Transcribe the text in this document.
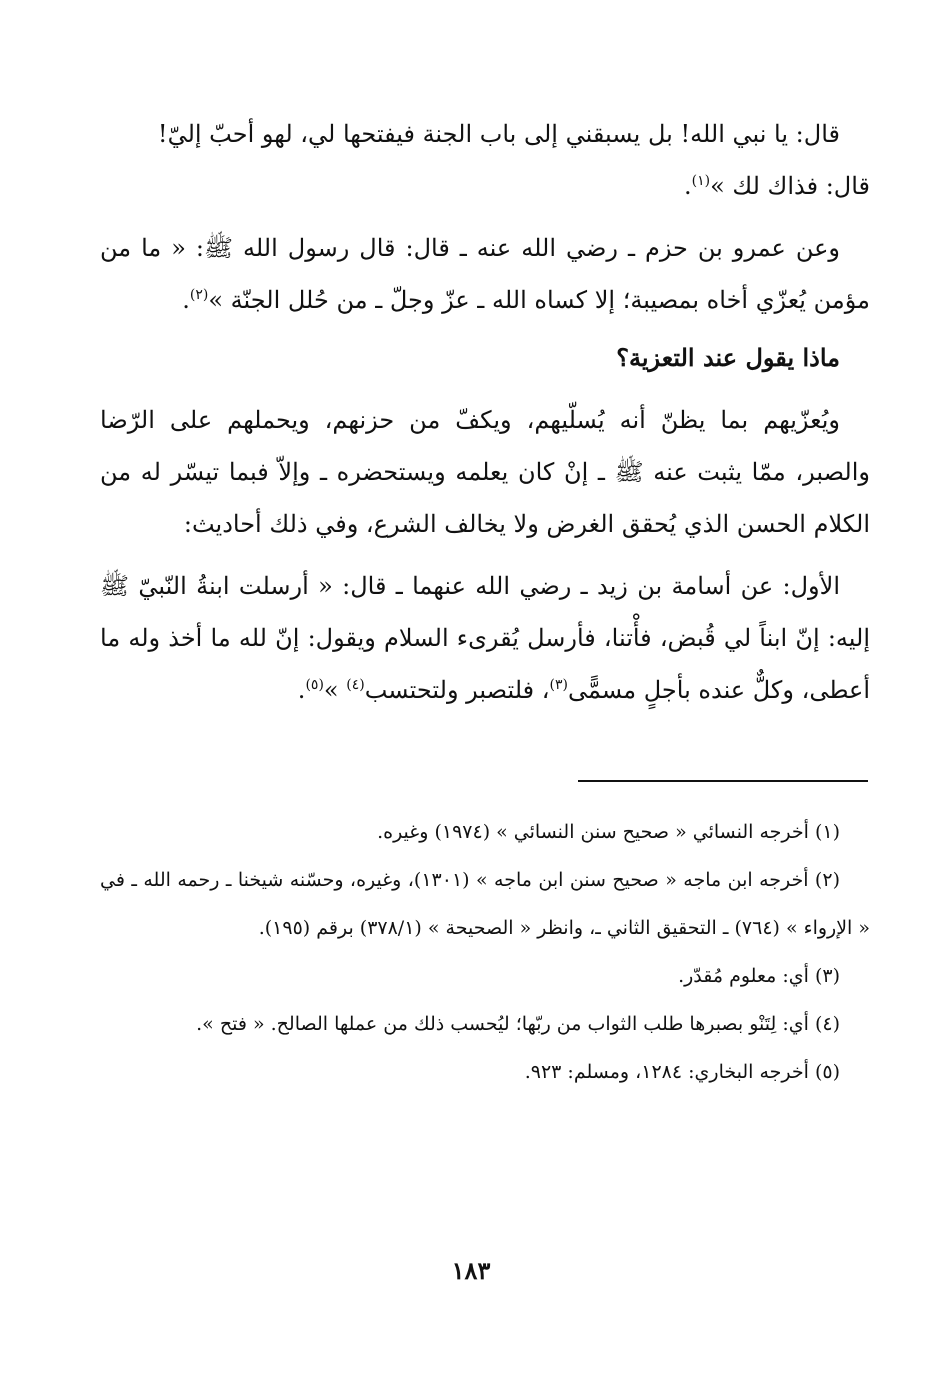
قال: يا نبي الله! بل يسبقني إلى باب الجنة فيفتحها لي، لهو أحبّ إليّ!
قال: فذاك لك »$^{(١)}$.

وعن عمرو بن حزم ـ رضي الله عنه ـ قال: قال رسول الله ﷺ: « ما من مؤمن يُعزّي أخاه بمصيبة؛ إلا كساه الله ـ عزّ وجلّ ـ من حُلل الجنّة »$^{(٢)}$.

ماذا يقول عند التعزية؟

ويُعزّيهم بما يظنّ أنه يُسلّيهم، ويكفّ من حزنهم، ويحملهم على الرّضا والصبر، ممّا يثبت عنه ﷺ ـ إنْ كان يعلمه ويستحضره ـ وإلاّ فبما تيسّر له من الكلام الحسن الذي يُحقق الغرض ولا يخالف الشرع، وفي ذلك أحاديث:

الأول: عن أسامة بن زيد ـ رضي الله عنهما ـ قال: « أرسلت ابنةُ النّبيّ ﷺ إليه: إنّ ابناً لي قُبض، فأْتنا، فأرسل يُقرىء السلام ويقول: إنّ لله ما أخذ وله ما أعطى، وكلٌّ عنده بأجلٍ مسمًّى$^{(٣)}$، فلتصبر ولتحتسب$^{(٤)}$ »$^{(٥)}$.

(١) أخرجه النسائي « صحيح سنن النسائي » (١٩٧٤) وغيره.

(٢) أخرجه ابن ماجه « صحيح سنن ابن ماجه » (١٣٠١)، وغيره، وحسّنه شيخنا ـ رحمه الله ـ في « الإرواء » (٧٦٤) ـ التحقيق الثاني ـ، وانظر « الصحيحة » (٣٧٨/١) برقم (١٩٥).

(٣) أي: معلوم مُقدّر.

(٤) أي: لِتَنْو بصبرها طلب الثواب من ربّها؛ ليُحسب ذلك من عملها الصالح. « فتح ».

(٥) أخرجه البخاري: ١٢٨٤، ومسلم: ٩٢٣.

١٨٣
